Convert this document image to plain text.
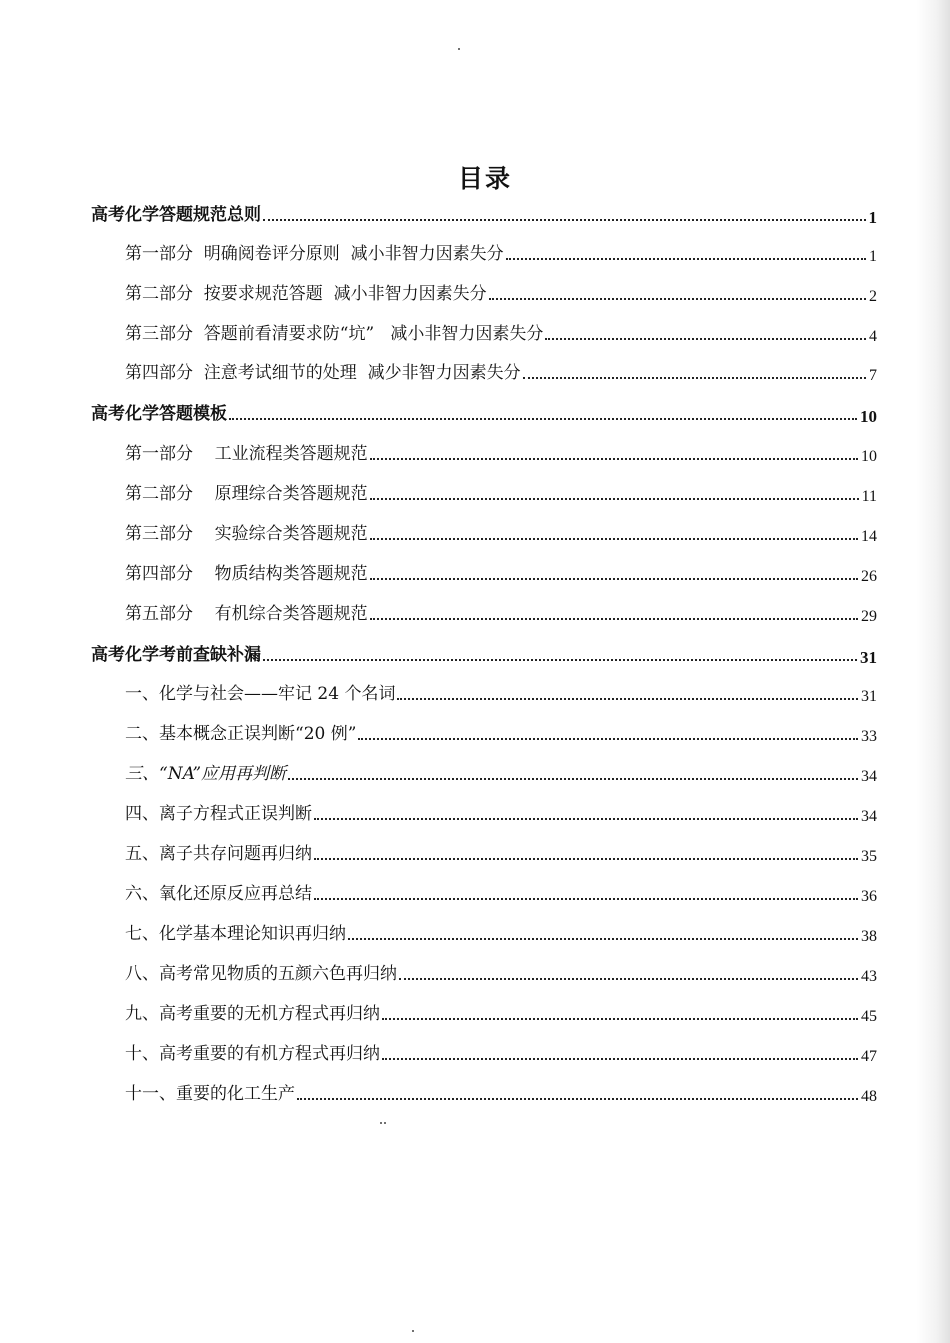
目录
高考化学答题规范总则	1
第一部分  明确阅卷评分原则  减小非智力因素失分	1
第二部分  按要求规范答题  减小非智力因素失分	2
第三部分  答题前看清要求防“坑”   减小非智力因素失分	4
第四部分  注意考试细节的处理  减少非智力因素失分	7
高考化学答题模板	10
第一部分    工业流程类答题规范	10
第二部分    原理综合类答题规范	11
第三部分    实验综合类答题规范	14
第四部分    物质结构类答题规范	26
第五部分    有机综合类答题规范	29
高考化学考前查缺补漏	31
一、化学与社会——牢记 24 个名词	31
二、基本概念正误判断“20 例”	33
三、“NA”应用再判断	34
四、离子方程式正误判断	34
五、离子共存问题再归纳	35
六、氧化还原反应再总结	36
七、化学基本理论知识再归纳	38
八、高考常见物质的五颜六色再归纳	43
九、高考重要的无机方程式再归纳	45
十、高考重要的有机方程式再归纳	47
十一、重要的化工生产	48
